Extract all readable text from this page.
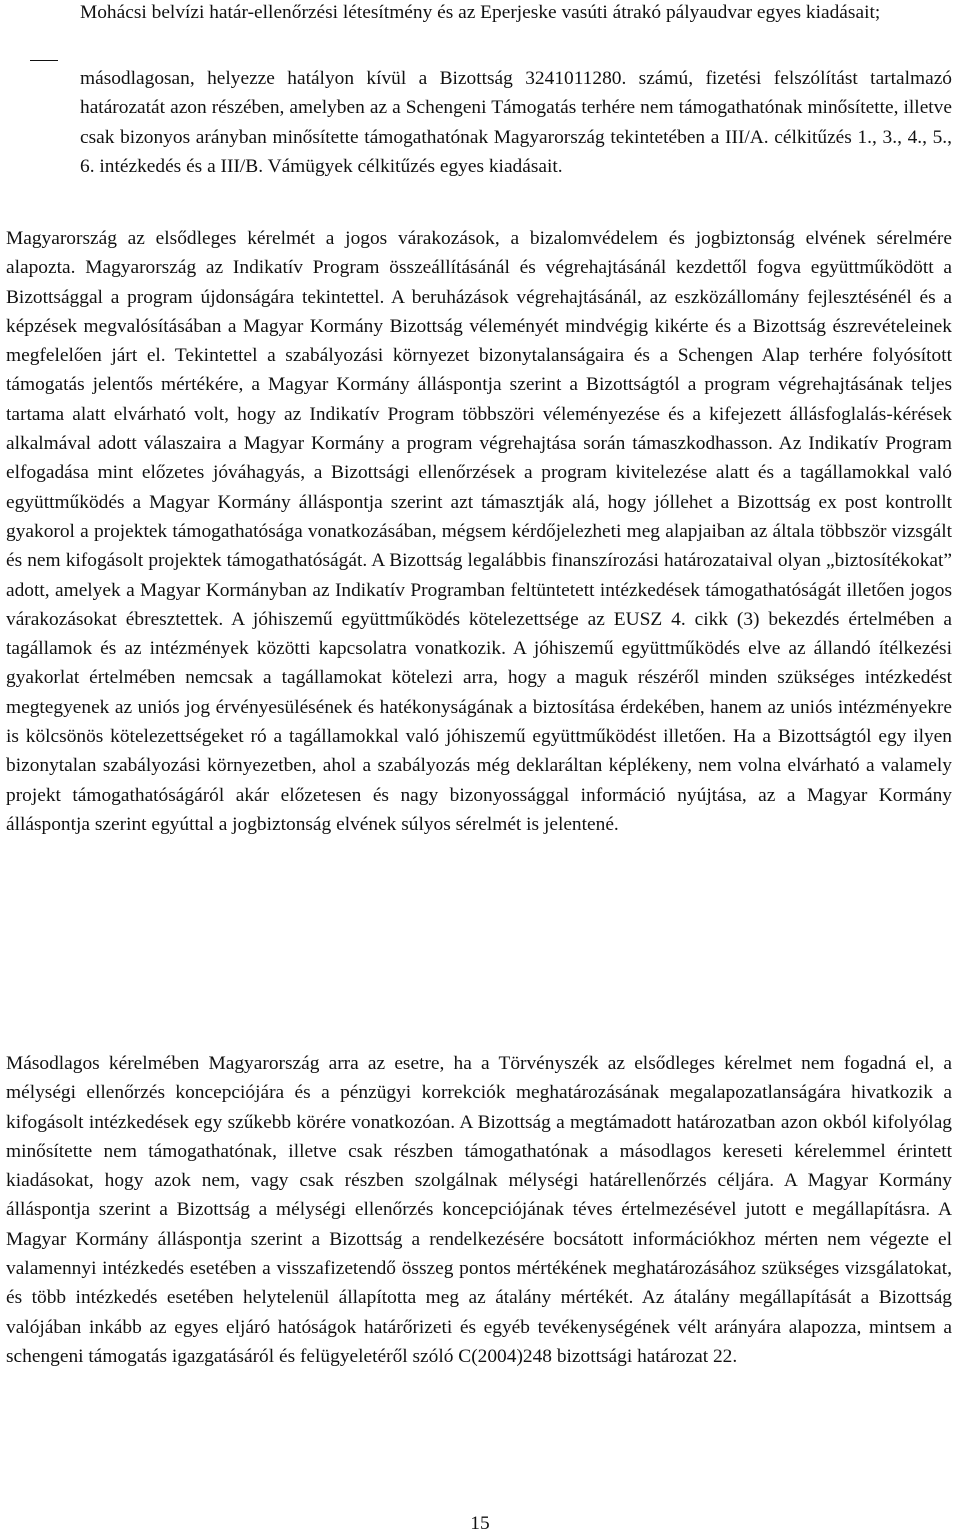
Mohácsi belvízi határ-ellenőrzési létesítmény és az Eperjeske vasúti átrakó pályaudvar egyes kiadásait;

másodlagosan, helyezze hatályon kívül a Bizottság 3241011280. számú, fizetési felszólítást tartalmazó határozatát azon részében, amelyben az a Schengeni Támogatás terhére nem támogathatónak minősítette, illetve csak bizonyos arányban minősítette támogathatónak Magyarország tekintetében a III/A. célkitűzés 1., 3., 4., 5., 6. intézkedés és a III/B. Vámügyek célkitűzés egyes kiadásait.

Magyarország az elsődleges kérelmét a jogos várakozások, a bizalomvédelem és jogbiztonság elvének sérelmére alapozta. Magyarország az Indikatív Program összeállításánál és végrehajtásánál kezdettől fogva együttműködött a Bizottsággal a program újdonságára tekintettel. A beruházások végrehajtásánál, az eszközállomány fejlesztésénél és a képzések megvalósításában a Magyar Kormány Bizottság véleményét mindvégig kikérte és a Bizottság észrevételeinek megfelelően járt el. Tekintettel a szabályozási környezet bizonytalanságaira és a Schengen Alap terhére folyósított támogatás jelentős mértékére, a Magyar Kormány álláspontja szerint a Bizottságtól a program végrehajtásának teljes tartama alatt elvárható volt, hogy az Indikatív Program többszöri véleményezése és a kifejezett állásfoglalás-kérések alkalmával adott válaszaira a Magyar Kormány a program végrehajtása során támaszkodhasson. Az Indikatív Program elfogadása mint előzetes jóváhagyás, a Bizottsági ellenőrzések a program kivitelezése alatt és a tagállamokkal való együttműködés a Magyar Kormány álláspontja szerint azt támasztják alá, hogy jóllehet a Bizottság ex post kontrollt gyakorol a projektek támogathatósága vonatkozásában, mégsem kérdőjelezheti meg alapjaiban az általa többször vizsgált és nem kifogásolt projektek támogathatóságát. A Bizottság legalábbis finanszírozási határozataival olyan „biztosítékokat” adott, amelyek a Magyar Kormányban az Indikatív Programban feltüntetett intézkedések támogathatóságát illetően jogos várakozásokat ébresztettek. A jóhiszemű együttműködés kötelezettsége az EUSZ 4. cikk (3) bekezdés értelmében a tagállamok és az intézmények közötti kapcsolatra vonatkozik. A jóhiszemű együttműködés elve az állandó ítélkezési gyakorlat értelmében nemcsak a tagállamokat kötelezi arra, hogy a maguk részéről minden szükséges intézkedést megtegyenek az uniós jog érvényesülésének és hatékonyságának a biztosítása érdekében, hanem az uniós intézményekre is kölcsönös kötelezettségeket ró a tagállamokkal való jóhiszemű együttműködést illetően. Ha a Bizottságtól egy ilyen bizonytalan szabályozási környezetben, ahol a szabályozás még deklaráltan képlékeny, nem volna elvárható a valamely projekt támogathatóságáról akár előzetesen és nagy bizonyossággal információ nyújtása, az a Magyar Kormány álláspontja szerint egyúttal a jogbiztonság elvének súlyos sérelmét is jelentené.

Másodlagos kérelmében Magyarország arra az esetre, ha a Törvényszék az elsődleges kérelmet nem fogadná el, a mélységi ellenőrzés koncepciójára és a pénzügyi korrekciók meghatározásának megalapozatlanságára hivatkozik a kifogásolt intézkedések egy szűkebb körére vonatkozóan. A Bizottság a megtámadott határozatban azon okból kifolyólag minősítette nem támogathatónak, illetve csak részben támogathatónak a másodlagos kereseti kérelemmel érintett kiadásokat, hogy azok nem, vagy csak részben szolgálnak mélységi határellenőrzés céljára. A Magyar Kormány álláspontja szerint a Bizottság a mélységi ellenőrzés koncepciójának téves értelmezésével jutott e megállapításra. A Magyar Kormány álláspontja szerint a Bizottság a rendelkezésére bocsátott információkhoz mérten nem végezte el valamennyi intézkedés esetében a visszafizetendő összeg pontos mértékének meghatározásához szükséges vizsgálatokat, és több intézkedés esetében helytelenül állapította meg az átalány mértékét. Az átalány megállapítását a Bizottság valójában inkább az egyes eljáró hatóságok határőrizeti és egyéb tevékenységének vélt arányára alapozza, mintsem a schengeni támogatás igazgatásáról és felügyeletéről szóló C(2004)248 bizottsági határozat 22.

15
